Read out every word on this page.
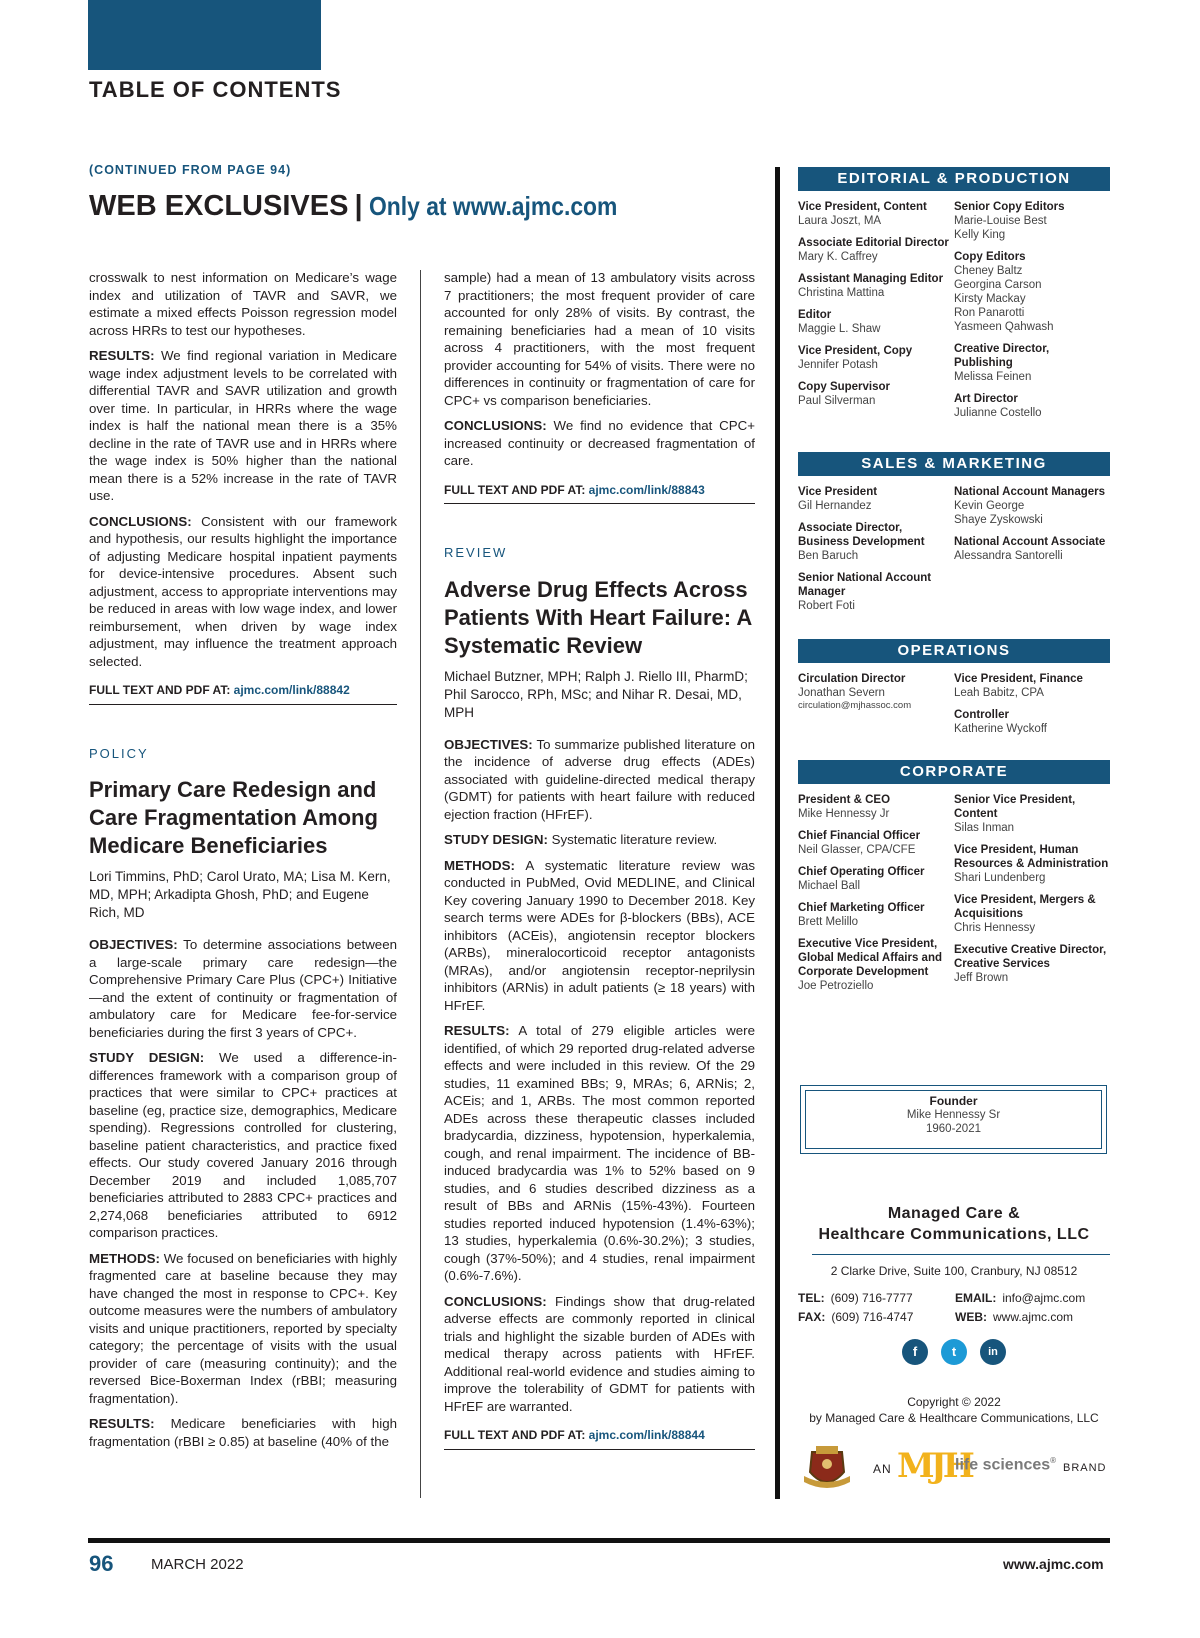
TABLE OF CONTENTS
(CONTINUED FROM PAGE 94)
WEB EXCLUSIVES | Only at www.ajmc.com

crosswalk to nest information on Medicare’s wage index and utilization of TAVR and SAVR, we estimate a mixed effects Poisson regression model across HRRs to test our hypotheses.

RESULTS: We find regional variation in Medicare wage index adjustment levels to be correlated with differential TAVR and SAVR utilization and growth over time. In particular, in HRRs where the wage index is half the national mean there is a 35% decline in the rate of TAVR use and in HRRs where the wage index is 50% higher than the national mean there is a 52% increase in the rate of TAVR use.

CONCLUSIONS: Consistent with our framework and hypothesis, our results highlight the importance of adjusting Medicare hospital inpatient payments for device-intensive procedures. Absent such adjustment, access to appropriate interventions may be reduced in areas with low wage index, and lower reimbursement, when driven by wage index adjustment, may influence the treatment approach selected.

FULL TEXT AND PDF AT: ajmc.com/link/88842
POLICY
Primary Care Redesign and Care Fragmentation Among Medicare Beneficiaries
Lori Timmins, PhD; Carol Urato, MA; Lisa M. Kern, MD, MPH; Arkadipta Ghosh, PhD; and Eugene Rich, MD

OBJECTIVES: To determine associations between a large-scale primary care redesign—the Comprehensive Primary Care Plus (CPC+) Initiative—and the extent of continuity or fragmentation of ambulatory care for Medicare fee-for-service beneficiaries during the first 3 years of CPC+.

STUDY DESIGN: We used a difference-in-differences framework with a comparison group of practices that were similar to CPC+ practices at baseline (eg, practice size, demographics, Medicare spending). Regressions controlled for clustering, baseline patient characteristics, and practice fixed effects. Our study covered January 2016 through December 2019 and included 1,085,707 beneficiaries attributed to 2883 CPC+ practices and 2,274,068 beneficiaries attributed to 6912 comparison practices.

METHODS: We focused on beneficiaries with highly fragmented care at baseline because they may have changed the most in response to CPC+. Key outcome measures were the numbers of ambulatory visits and unique practitioners, reported by specialty category; the percentage of visits with the usual provider of care (measuring continuity); and the reversed Bice-Boxerman Index (rBBI; measuring fragmentation).

RESULTS: Medicare beneficiaries with high fragmentation (rBBI ≥ 0.85) at baseline (40% of the

sample) had a mean of 13 ambulatory visits across 7 practitioners; the most frequent provider of care accounted for only 28% of visits. By contrast, the remaining beneficiaries had a mean of 10 visits across 4 practitioners, with the most frequent provider accounting for 54% of visits. There were no differences in continuity or fragmentation of care for CPC+ vs comparison beneficiaries.

CONCLUSIONS: We find no evidence that CPC+ increased continuity or decreased fragmentation of care.

FULL TEXT AND PDF AT: ajmc.com/link/88843
REVIEW
Adverse Drug Effects Across Patients With Heart Failure: A Systematic Review
Michael Butzner, MPH; Ralph J. Riello III, PharmD; Phil Sarocco, RPh, MSc; and Nihar R. Desai, MD, MPH

OBJECTIVES: To summarize published literature on the incidence of adverse drug effects (ADEs) associated with guideline-directed medical therapy (GDMT) for patients with heart failure with reduced ejection fraction (HFrEF).

STUDY DESIGN: Systematic literature review.

METHODS: A systematic literature review was conducted in PubMed, Ovid MEDLINE, and Clinical Key covering January 1990 to December 2018. Key search terms were ADEs for β-blockers (BBs), ACE inhibitors (ACEis), angiotensin receptor blockers (ARBs), mineralocorticoid receptor antagonists (MRAs), and/or angiotensin receptor-neprilysin inhibitors (ARNis) in adult patients (≥ 18 years) with HFrEF.

RESULTS: A total of 279 eligible articles were identified, of which 29 reported drug-related adverse effects and were included in this review. Of the 29 studies, 11 examined BBs; 9, MRAs; 6, ARNis; 2, ACEis; and 1, ARBs. The most common reported ADEs across these therapeutic classes included bradycardia, dizziness, hypotension, hyperkalemia, cough, and renal impairment. The incidence of BB-induced bradycardia was 1% to 52% based on 9 studies, and 6 studies described dizziness as a result of BBs and ARNis (15%-43%). Fourteen studies reported induced hypotension (1.4%-63%); 13 studies, hyperkalemia (0.6%-30.2%); 3 studies, cough (37%-50%); and 4 studies, renal impairment (0.6%-7.6%).

CONCLUSIONS: Findings show that drug-related adverse effects are commonly reported in clinical trials and highlight the sizable burden of ADEs with medical therapy across patients with HFrEF. Additional real-world evidence and studies aiming to improve the tolerability of GDMT for patients with HFrEF are warranted.

FULL TEXT AND PDF AT: ajmc.com/link/88844
EDITORIAL & PRODUCTION
Vice President, Content
Laura Joszt, MA
Associate Editorial Director
Mary K. Caffrey
Assistant Managing Editor
Christina Mattina
Editor
Maggie L. Shaw
Vice President, Copy
Jennifer Potash
Copy Supervisor
Paul Silverman
Senior Copy Editors
Marie-Louise Best
Kelly King
Copy Editors
Cheney Baltz
Georgina Carson
Kirsty Mackay
Ron Panarotti
Yasmeen Qahwash
Creative Director, Publishing
Melissa Feinen
Art Director
Julianne Costello
SALES & MARKETING
Vice President
Gil Hernandez
Associate Director, Business Development
Ben Baruch
Senior National Account Manager
Robert Foti
National Account Managers
Kevin George
Shaye Zyskowski
National Account Associate
Alessandra Santorelli
OPERATIONS
Circulation Director
Jonathan Severn
circulation@mjhassoc.com
Vice President, Finance
Leah Babitz, CPA
Controller
Katherine Wyckoff
CORPORATE
President & CEO
Mike Hennessy Jr
Chief Financial Officer
Neil Glasser, CPA/CFE
Chief Operating Officer
Michael Ball
Chief Marketing Officer
Brett Melillo
Executive Vice President, Global Medical Affairs and Corporate Development
Joe Petroziello
Senior Vice President, Content
Silas Inman
Vice President, Human Resources & Administration
Shari Lundenberg
Vice President, Mergers & Acquisitions
Chris Hennessy
Executive Creative Director, Creative Services
Jeff Brown
Founder
Mike Hennessy Sr
1960-2021
Managed Care &
Healthcare Communications, LLC
2 Clarke Drive, Suite 100, Cranbury, NJ 08512
TEL: (609) 716-7777
FAX: (609) 716-4747
EMAIL: info@ajmc.com
WEB: www.ajmc.com
f	t	in
Copyright © 2022
by Managed Care & Healthcare Communications, LLC
AN MJH
life sciences®
BRAND
96	MARCH 2022	www.ajmc.com
